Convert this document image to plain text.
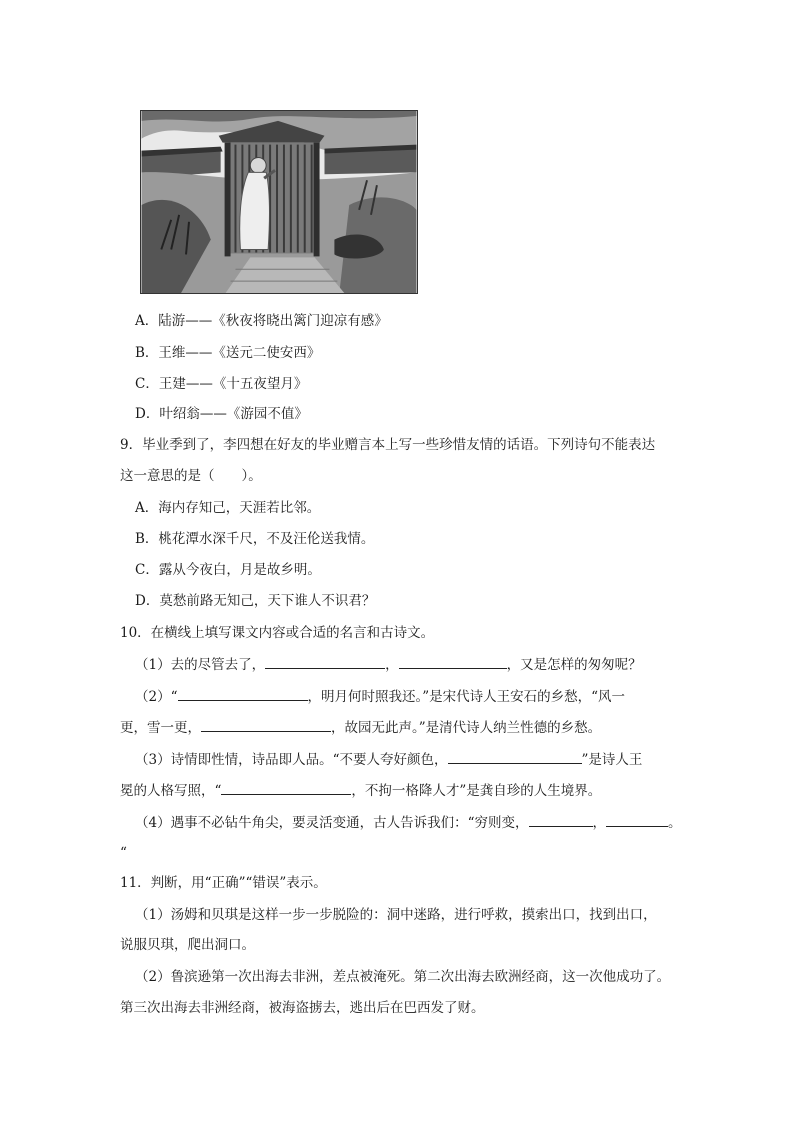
A．陆游——《秋夜将晓出篱门迎凉有感》
B．王维——《送元二使安西》
C．王建——《十五夜望月》
D．叶绍翁——《游园不值》
9．毕业季到了，李四想在好友的毕业赠言本上写一些珍惜友情的话语。下列诗句不能表达
这一意思的是（　　）。
A．海内存知己，天涯若比邻。
B．桃花潭水深千尺，不及汪伦送我情。
C．露从今夜白，月是故乡明。
D．莫愁前路无知己，天下谁人不识君？
10．在横线上填写课文内容或合适的名言和古诗文。
（1）去的尽管去了，	，	，又是怎样的匆匆呢？
（2）“	，明月何时照我还。”是宋代诗人王安石的乡愁，“风一
更，雪一更，	，故园无此声。”是清代诗人纳兰性德的乡愁。
（3）诗情即性情，诗品即人品。“不要人夸好颜色，	”是诗人王
冕的人格写照，“	，不拘一格降人才”是龚自珍的人生境界。
（4）遇事不必钻牛角尖，要灵活变通，古人告诉我们：“穷则变，	，	。
“
11．判断，用“正确”“错误”表示。
（1）汤姆和贝琪是这样一步一步脱险的：洞中迷路，进行呼救，摸索出口，找到出口，
说服贝琪，爬出洞口。
（2）鲁滨逊第一次出海去非洲，差点被淹死。第二次出海去欧洲经商，这一次他成功了。
第三次出海去非洲经商，被海盗掳去，逃出后在巴西发了财。
